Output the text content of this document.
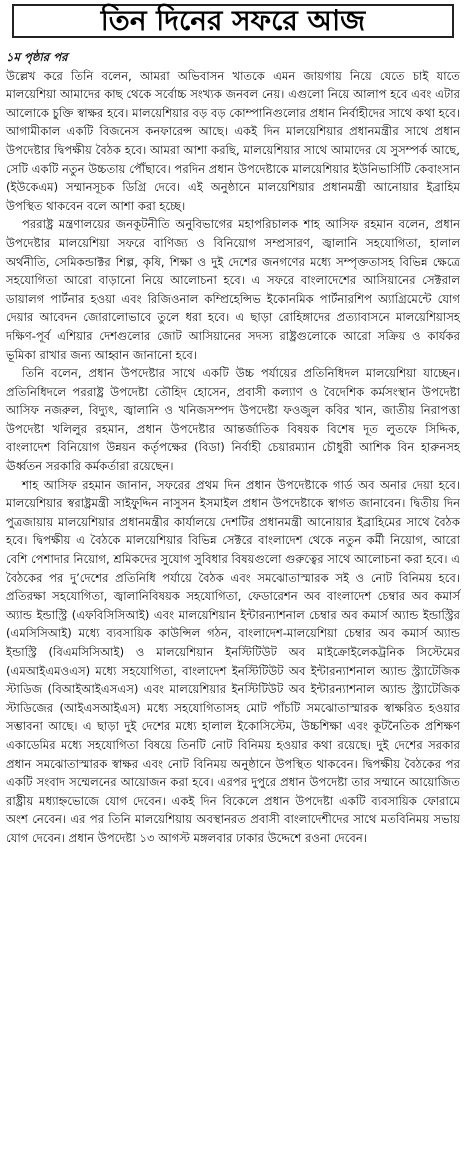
তিন দিনের সফরে আজ

১ম পৃষ্ঠার পর
উল্লেখ করে তিনি বলেন, আমরা অভিবাসন খাতকে এমন জায়গায় নিয়ে যেতে চাই যাতে মালয়েশিয়া আমাদের কাছ থেকে সর্বোচ্চ সংখ্যক জনবল নেয়। এগুলো নিয়ে আলাপ হবে এবং এটার আলোকে চুক্তি স্বাক্ষর হবে। মালয়েশিয়ার বড় বড় কোম্পানিগুলোর প্রধান নির্বাহীদের সাথে কথা হবে। আগামীকাল একটি বিজনেস কনফারেন্স আছে। একই দিন মালয়েশিয়ার প্রধানমন্ত্রীর সাথে প্রধান উপদেষ্টার দ্বিপক্ষীয় বৈঠক হবে। আমরা আশা করছি, মালয়েশিয়ার সাথে আমাদের যে সুসম্পর্ক আছে, সেটি একটি নতুন উচ্চতায় পৌঁছাবে। পরদিন প্রধান উপদেষ্টাকে মালয়েশিয়ার ইউনিভার্সিটি কেবাংসান (ইউকেএম) সম্মানসূচক ডিগ্রি দেবে। এই অনুষ্ঠানে মালয়েশিয়ার প্রধানমন্ত্রী আনোয়ার ইব্রাহিম উপস্থিত থাকবেন বলে আশা করা হচ্ছে।

পররাষ্ট্র মন্ত্রণালয়ের জনকূটনীতি অনুবিভাগের মহাপরিচালক শাহ আসিফ রহমান বলেন, প্রধান উপদেষ্টার মালয়েশিয়া সফরে বাণিজ্য ও বিনিয়োগ সম্প্রসারণ, জ্বালানি সহযোগিতা, হালাল অর্থনীতি, সেমিকন্ডাক্টর শিল্প, কৃষি, শিক্ষা ও দুই দেশের জনগণের মধ্যে সম্পৃক্ততাসহ বিভিন্ন ক্ষেত্রে সহযোগিতা আরো বাড়ানো নিয়ে আলোচনা হবে। এ সফরে বাংলাদেশের আসিয়ানের সেক্টরাল ডায়ালগ পার্টনার হওয়া এবং রিজিওনাল কম্প্রিহেন্সিভ ইকোনমিক পার্টনারশিপ অ্যাগ্রিমেন্টে যোগ দেয়ার আবেদন জোরালোভাবে তুলে ধরা হবে। এ ছাড়া রোহিঙ্গাদের প্রত্যাবাসনে মালয়েশিয়াসহ দক্ষিণ-পূর্ব এশিয়ার দেশগুলোর জোট আসিয়ানের সদস্য রাষ্ট্রগুলোকে আরো সক্রিয় ও কার্যকর ভূমিকা রাখার জন্য আহ্বান জানানো হবে।

তিনি বলেন, প্রধান উপদেষ্টার সাথে একটি উচ্চ পর্যায়ের প্রতিনিধিদল মালয়েশিয়া যাচ্ছেন। প্রতিনিধিদলে পররাষ্ট্র উপদেষ্টা তৌহিদ হোসেন, প্রবাসী কল্যাণ ও বৈদেশিক কর্মসংস্থান উপদেষ্টা আসিফ নজরুল, বিদ্যুৎ, জ্বালানি ও খনিজসম্পদ উপদেষ্টা ফওজুল কবির খান, জাতীয় নিরাপত্তা উপদেষ্টা খলিলুর রহমান, প্রধান উপদেষ্টার আন্তর্জাতিক বিষয়ক বিশেষ দূত লুতফে সিদ্দিক, বাংলাদেশ বিনিয়োগ উন্নয়ন কর্তৃপক্ষের (বিডা) নির্বাহী চেয়ারম্যান চৌধুরী আশিক বিন হারুনসহ ঊর্ধ্বতন সরকারি কর্মকর্তারা রয়েছেন।

শাহ আসিফ রহমান জানান, সফরের প্রথম দিন প্রধান উপদেষ্টাকে গার্ড অব অনার দেয়া হবে। মালয়েশিয়ার স্বরাষ্ট্রমন্ত্রী সাইফুদ্দিন নাসুসন ইসমাইল প্রধান উপদেষ্টাকে স্বাগত জানাবেন। দ্বিতীয় দিন পুত্রজায়ায় মালয়েশিয়ার প্রধানমন্ত্রীর কার্যালয়ে দেশটির প্রধানমন্ত্রী আনোয়ার ইব্রাহিমের সাথে বৈঠক হবে। দ্বিপক্ষীয় এ বৈঠকে মালয়েশিয়ার বিভিন্ন সেক্টরে বাংলাদেশ থেকে নতুন কর্মী নিয়োগ, আরো বেশি পেশাদার নিয়োগ, শ্রমিকদের সুযোগ সুবিধার বিষয়গুলো গুরুত্বের সাথে আলোচনা করা হবে। এ বৈঠকের পর দু’দেশের প্রতিনিধি পর্যায়ে বৈঠক এবং সমঝোতাস্মারক সই ও নোট বিনিময় হবে। প্রতিরক্ষা সহযোগিতা, জ্বালানিবিষয়ক সহযোগিতা, ফেডারেশন অব বাংলাদেশ চেম্বার অব কমার্স অ্যান্ড ইন্ডাস্ট্রি (এফবিসিসিআই) এবং মালয়েশিয়ান ইন্টারন্যাশনাল চেম্বার অব কমার্স অ্যান্ড ইন্ডাস্ট্রির (এমসিসিআই) মধ্যে ব্যবসায়িক কাউন্সিল গঠন, বাংলাদেশ-মালয়েশিয়া চেম্বার অব কমার্স অ্যান্ড ইন্ডাস্ট্রি (বিএমসিসিআই) ও মালয়েশিয়ান ইনস্টিটিউট অব মাইক্রোইলেকট্রনিক সিস্টেমের (এমআইএমওএস) মধ্যে সহযোগিতা, বাংলাদেশ ইনস্টিটিউট অব ইন্টারন্যাশনাল অ্যান্ড স্ট্র্যাটেজিক স্টাডিজ (বিআইআইএসএস) এবং মালয়েশিয়ার ইনস্টিটিউট অব ইন্টারন্যাশনাল অ্যান্ড স্ট্র্যাটেজিক স্টাডিজের (আইএসআইএস) মধ্যে সহযোগিতাসহ মোট পাঁচটি সমঝোতাস্মারক স্বাক্ষরিত হওয়ার সম্ভাবনা আছে। এ ছাড়া দুই দেশের মধ্যে হালাল ইকোসিস্টেম, উচ্চশিক্ষা এবং কূটনৈতিক প্রশিক্ষণ একাডেমির মধ্যে সহযোগিতা বিষয়ে তিনটি নোট বিনিময় হওয়ার কথা রয়েছে। দুই দেশের সরকার প্রধান সমঝোতাস্মারক স্বাক্ষর এবং নোট বিনিময় অনুষ্ঠানে উপস্থিত থাকবেন। দ্বিপক্ষীয় বৈঠকের পর একটি সংবাদ সম্মেলনের আয়োজন করা হবে। এরপর দুপুরে প্রধান উপদেষ্টা তার সম্মানে আয়োজিত রাষ্ট্রীয় মধ্যাহ্নভোজে যোগ দেবেন। একই দিন বিকেলে প্রধান উপদেষ্টা একটি ব্যবসায়িক ফোরামে অংশ নেবেন। এর পর তিনি মালয়েশিয়ায় অবস্থানরত প্রবাসী বাংলাদেশীদের সাথে মতবিনিময় সভায় যোগ দেবেন। প্রধান উপদেষ্টা ১৩ আগস্ট মঙ্গলবার ঢাকার উদ্দেশে রওনা দেবেন।
